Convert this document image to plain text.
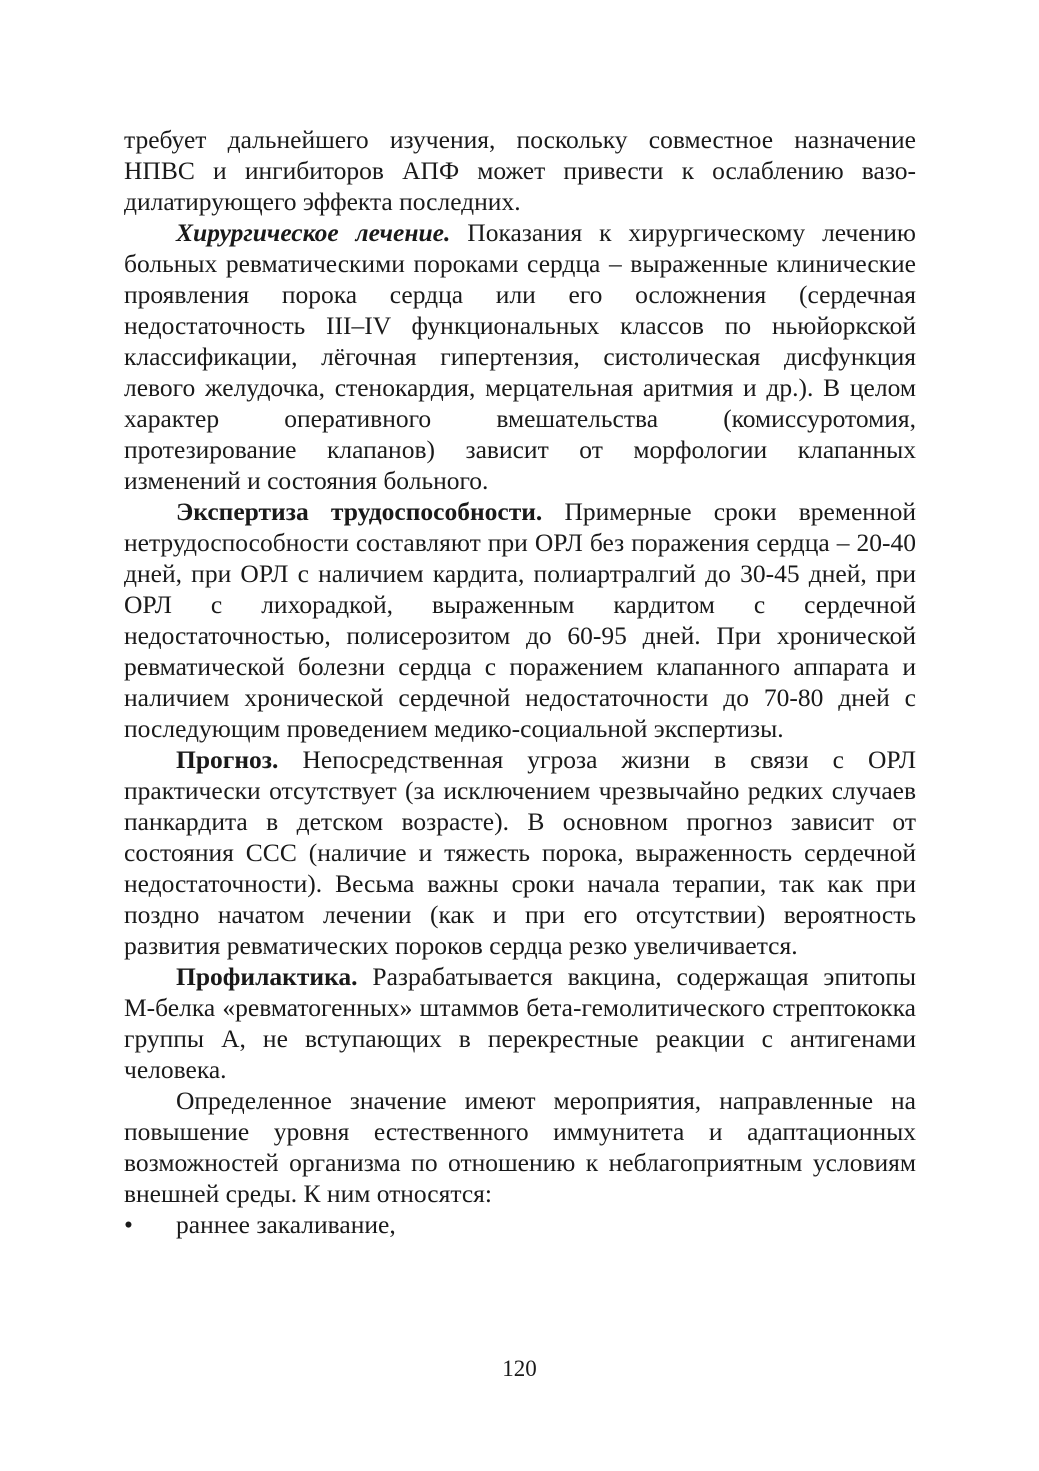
требует дальнейшего изучения, поскольку совместное назначение НПВС и ингибиторов АПФ может привести к ослаблению вазодилатирующего эффекта последних.

Хирургическое лечение. Показания к хирургическому лечению больных ревматическими пороками сердца – выраженные клинические проявления порока сердца или его осложнения (сердечная недостаточность III–IV функциональных классов по ньюйоркской классификации, лёгочная гипертензия, систолическая дисфункция левого желудочка, стенокардия, мерцательная аритмия и др.). В целом характер оперативного вмешательства (комиссуротомия, протезирование клапанов) зависит от морфологии клапанных изменений и состояния больного.

Экспертиза трудоспособности. Примерные сроки временной нетрудоспособности составляют при ОРЛ без поражения сердца – 20-40 дней, при ОРЛ с наличием кардита, полиартралгий до 30-45 дней, при ОРЛ с лихорадкой, выраженным кардитом с сердечной недостаточностью, полисерозитом до 60-95 дней. При хронической ревматической болезни сердца с поражением клапанного аппарата и наличием хронической сердечной недостаточности до 70-80 дней с последующим проведением медико-социальной экспертизы.

Прогноз. Непосредственная угроза жизни в связи с ОРЛ практически отсутствует (за исключением чрезвычайно редких случаев панкардита в детском возрасте). В основном прогноз зависит от состояния ССС (наличие и тяжесть порока, выраженность сердечной недостаточности). Весьма важны сроки начала терапии, так как при поздно начатом лечении (как и при его отсутствии) вероятность развития ревматических пороков сердца резко увеличивается.

Профилактика. Разрабатывается вакцина, содержащая эпитопы М-белка «ревматогенных» штаммов бета-гемолитического стрептококка группы А, не вступающих в перекрестные реакции с антигенами человека.

Определенное значение имеют мероприятия, направленные на повышение уровня естественного иммунитета и адаптационных возможностей организма по отношению к неблагоприятным условиям внешней среды. К ним относятся:

• раннее закаливание,
120
